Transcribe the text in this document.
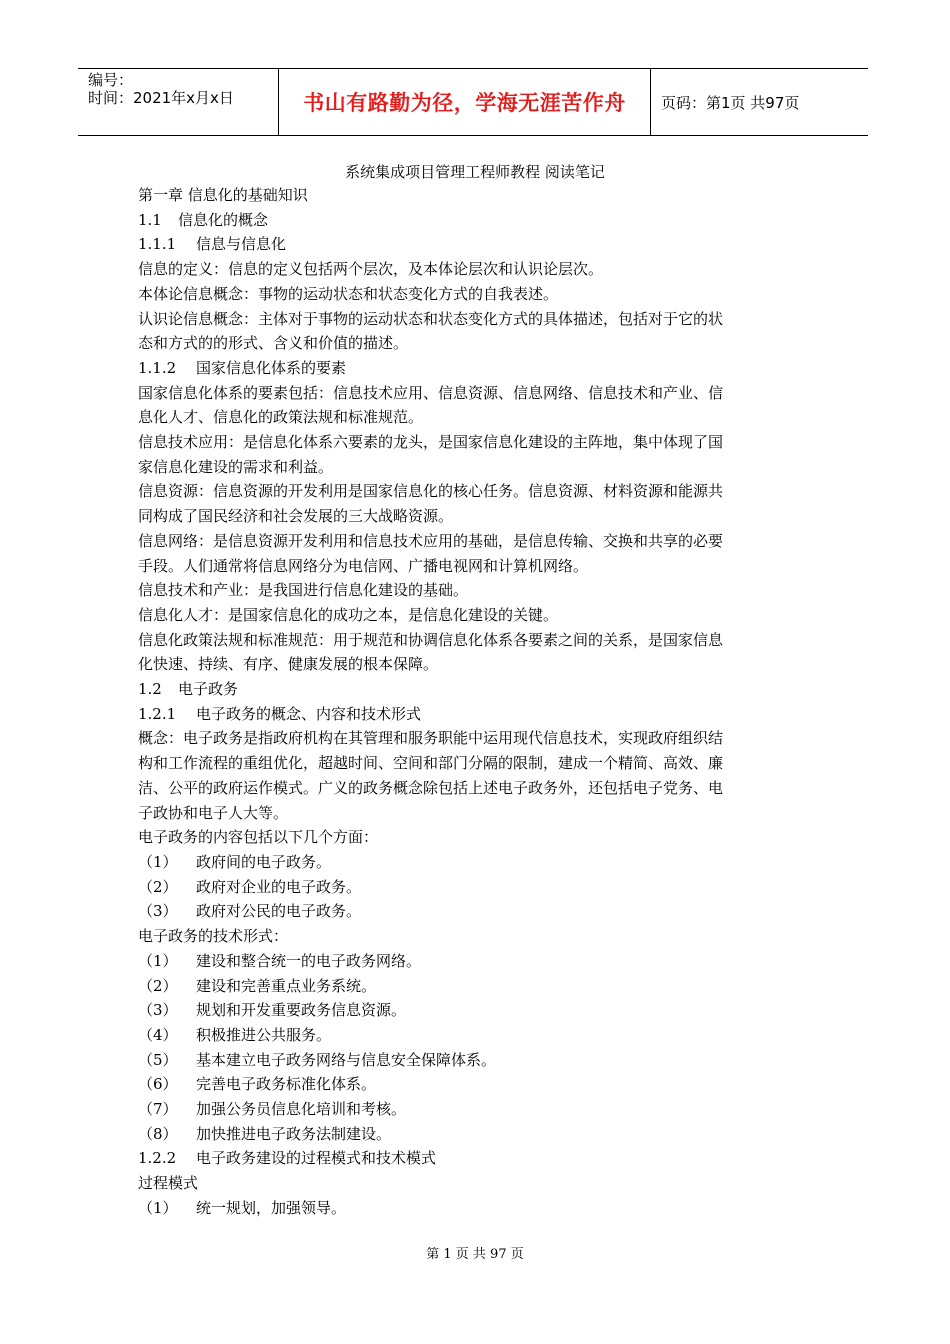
编号：
时间：2021年x月x日	书山有路勤为径，学海无涯苦作舟 页码：第1页 共97页
系统集成项目管理工程师教程 阅读笔记
第一章 信息化的基础知识
1.1 信息化的概念
1.1.1 信息与信息化
信息的定义：信息的定义包括两个层次，及本体论层次和认识论层次。
本体论信息概念：事物的运动状态和状态变化方式的自我表述。
认识论信息概念：主体对于事物的运动状态和状态变化方式的具体描述，包括对于它的状
态和方式的的形式、含义和价值的描述。
1.1.2 国家信息化体系的要素
国家信息化体系的要素包括：信息技术应用、信息资源、信息网络、信息技术和产业、信
息化人才、信息化的政策法规和标准规范。
信息技术应用：是信息化体系六要素的龙头，是国家信息化建设的主阵地，集中体现了国
家信息化建设的需求和利益。
信息资源：信息资源的开发利用是国家信息化的核心任务。信息资源、材料资源和能源共
同构成了国民经济和社会发展的三大战略资源。
信息网络：是信息资源开发利用和信息技术应用的基础，是信息传输、交换和共享的必要
手段。人们通常将信息网络分为电信网、广播电视网和计算机网络。
信息技术和产业：是我国进行信息化建设的基础。
信息化人才：是国家信息化的成功之本，是信息化建设的关键。
信息化政策法规和标准规范：用于规范和协调信息化体系各要素之间的关系，是国家信息
化快速、持续、有序、健康发展的根本保障。
1.2 电子政务
1.2.1 电子政务的概念、内容和技术形式
概念：电子政务是指政府机构在其管理和服务职能中运用现代信息技术，实现政府组织结
构和工作流程的重组优化，超越时间、空间和部门分隔的限制，建成一个精简、高效、廉
洁、公平的政府运作模式。广义的政务概念除包括上述电子政务外，还包括电子党务、电
子政协和电子人大等。
电子政务的内容包括以下几个方面：
（1） 政府间的电子政务。
（2） 政府对企业的电子政务。
（3） 政府对公民的电子政务。
电子政务的技术形式：
（1） 建设和整合统一的电子政务网络。
（2） 建设和完善重点业务系统。
（3） 规划和开发重要政务信息资源。
（4） 积极推进公共服务。
（5） 基本建立电子政务网络与信息安全保障体系。
（6） 完善电子政务标准化体系。
（7） 加强公务员信息化培训和考核。
（8） 加快推进电子政务法制建设。
1.2.2 电子政务建设的过程模式和技术模式
过程模式
（1） 统一规划，加强领导。
第 1 页 共 97 页
